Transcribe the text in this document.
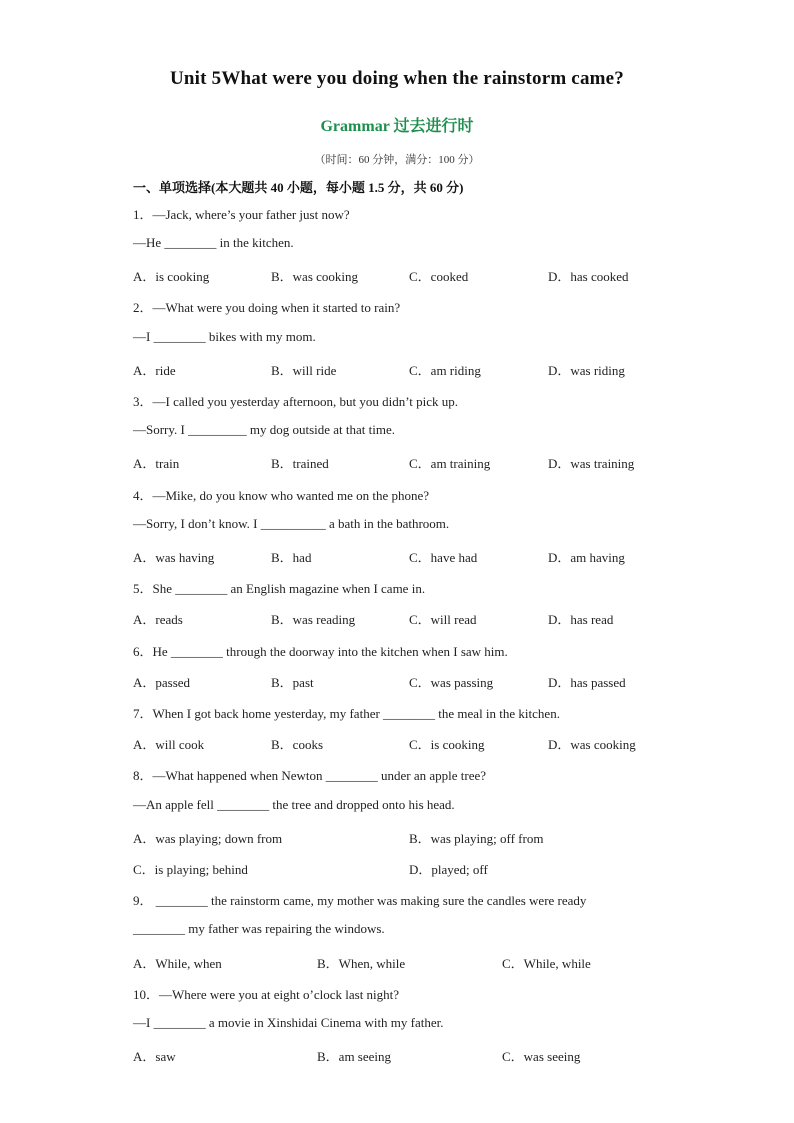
Unit 5What were you doing when the rainstorm came?
Grammar 过去进行时
（时间：60 分钟，满分：100 分）
一、单项选择(本大题共 40 小题，每小题 1.5 分，共 60 分)
1．—Jack, where’s your father just now?
—He ________ in the kitchen.
A．is cooking	B．was cooking	C．cooked	D．has cooked
2．—What were you doing when it started to rain?
—I ________ bikes with my mom.
A．ride	B．will ride	C．am riding	D．was riding
3．—I called you yesterday afternoon, but you didn’t pick up.
—Sorry. I _________ my dog outside at that time.
A．train	B．trained	C．am training	D．was training
4．—Mike, do you know who wanted me on the phone?
—Sorry, I don’t know. I __________ a bath in the bathroom.
A．was having	B．had	C．have had	D．am having
5．She ________ an English magazine when I came in.
A．reads	B．was reading	C．will read	D．has read
6．He ________ through the doorway into the kitchen when I saw him.
A．passed	B．past	C．was passing	D．has passed
7．When I got back home yesterday, my father ________ the meal in the kitchen.
A．will cook	B．cooks	C．is cooking	D．was cooking
8．—What happened when Newton ________ under an apple tree?
—An apple fell ________ the tree and dropped onto his head.
A．was playing; down from	B．was playing; off from
C．is playing; behind	D．played; off
9． ________ the rainstorm came, my mother was making sure the candles were ready
________ my father was repairing the windows.
A．While, when	B．When, while	C．While, while
10．—Where were you at eight o’clock last night?
—I ________ a movie in Xinshidai Cinema with my father.
A．saw	B．am seeing	C．was seeing
